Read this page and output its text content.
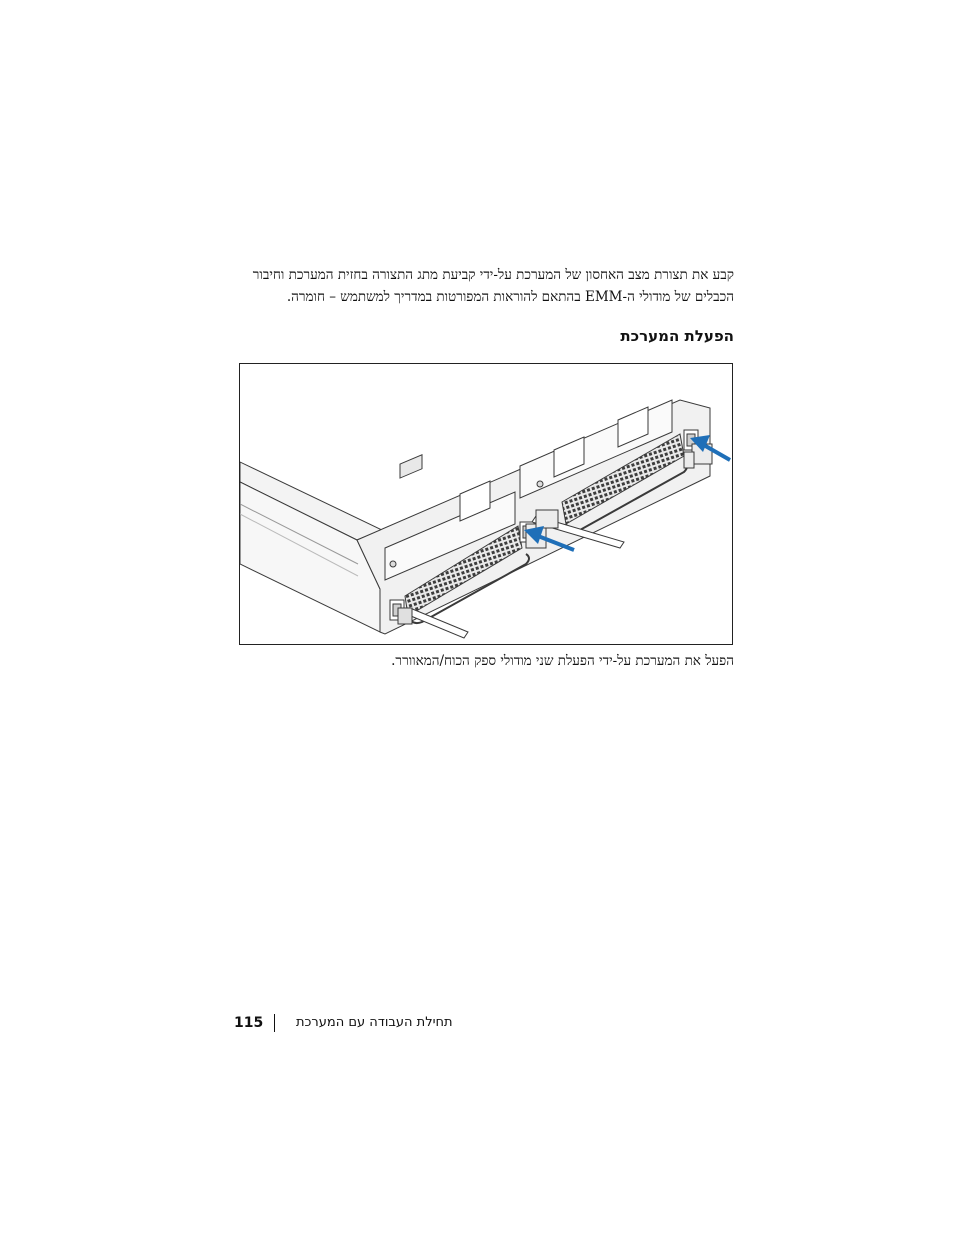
קבע את תצורת מצב האחסון של המערכת על-ידי קביעת מתג התצורה בחזית המערכת וחיבור
הכבלים של מודולי ה-EMM בהתאם להוראות המפורטות במדריך למשתמש – חומרה.
הפעלת המערכת

הפעל את המערכת על-ידי הפעלת שני מודולי ספק הכוח/המאוורר.

115	תחילת העבודה עם המערכת
